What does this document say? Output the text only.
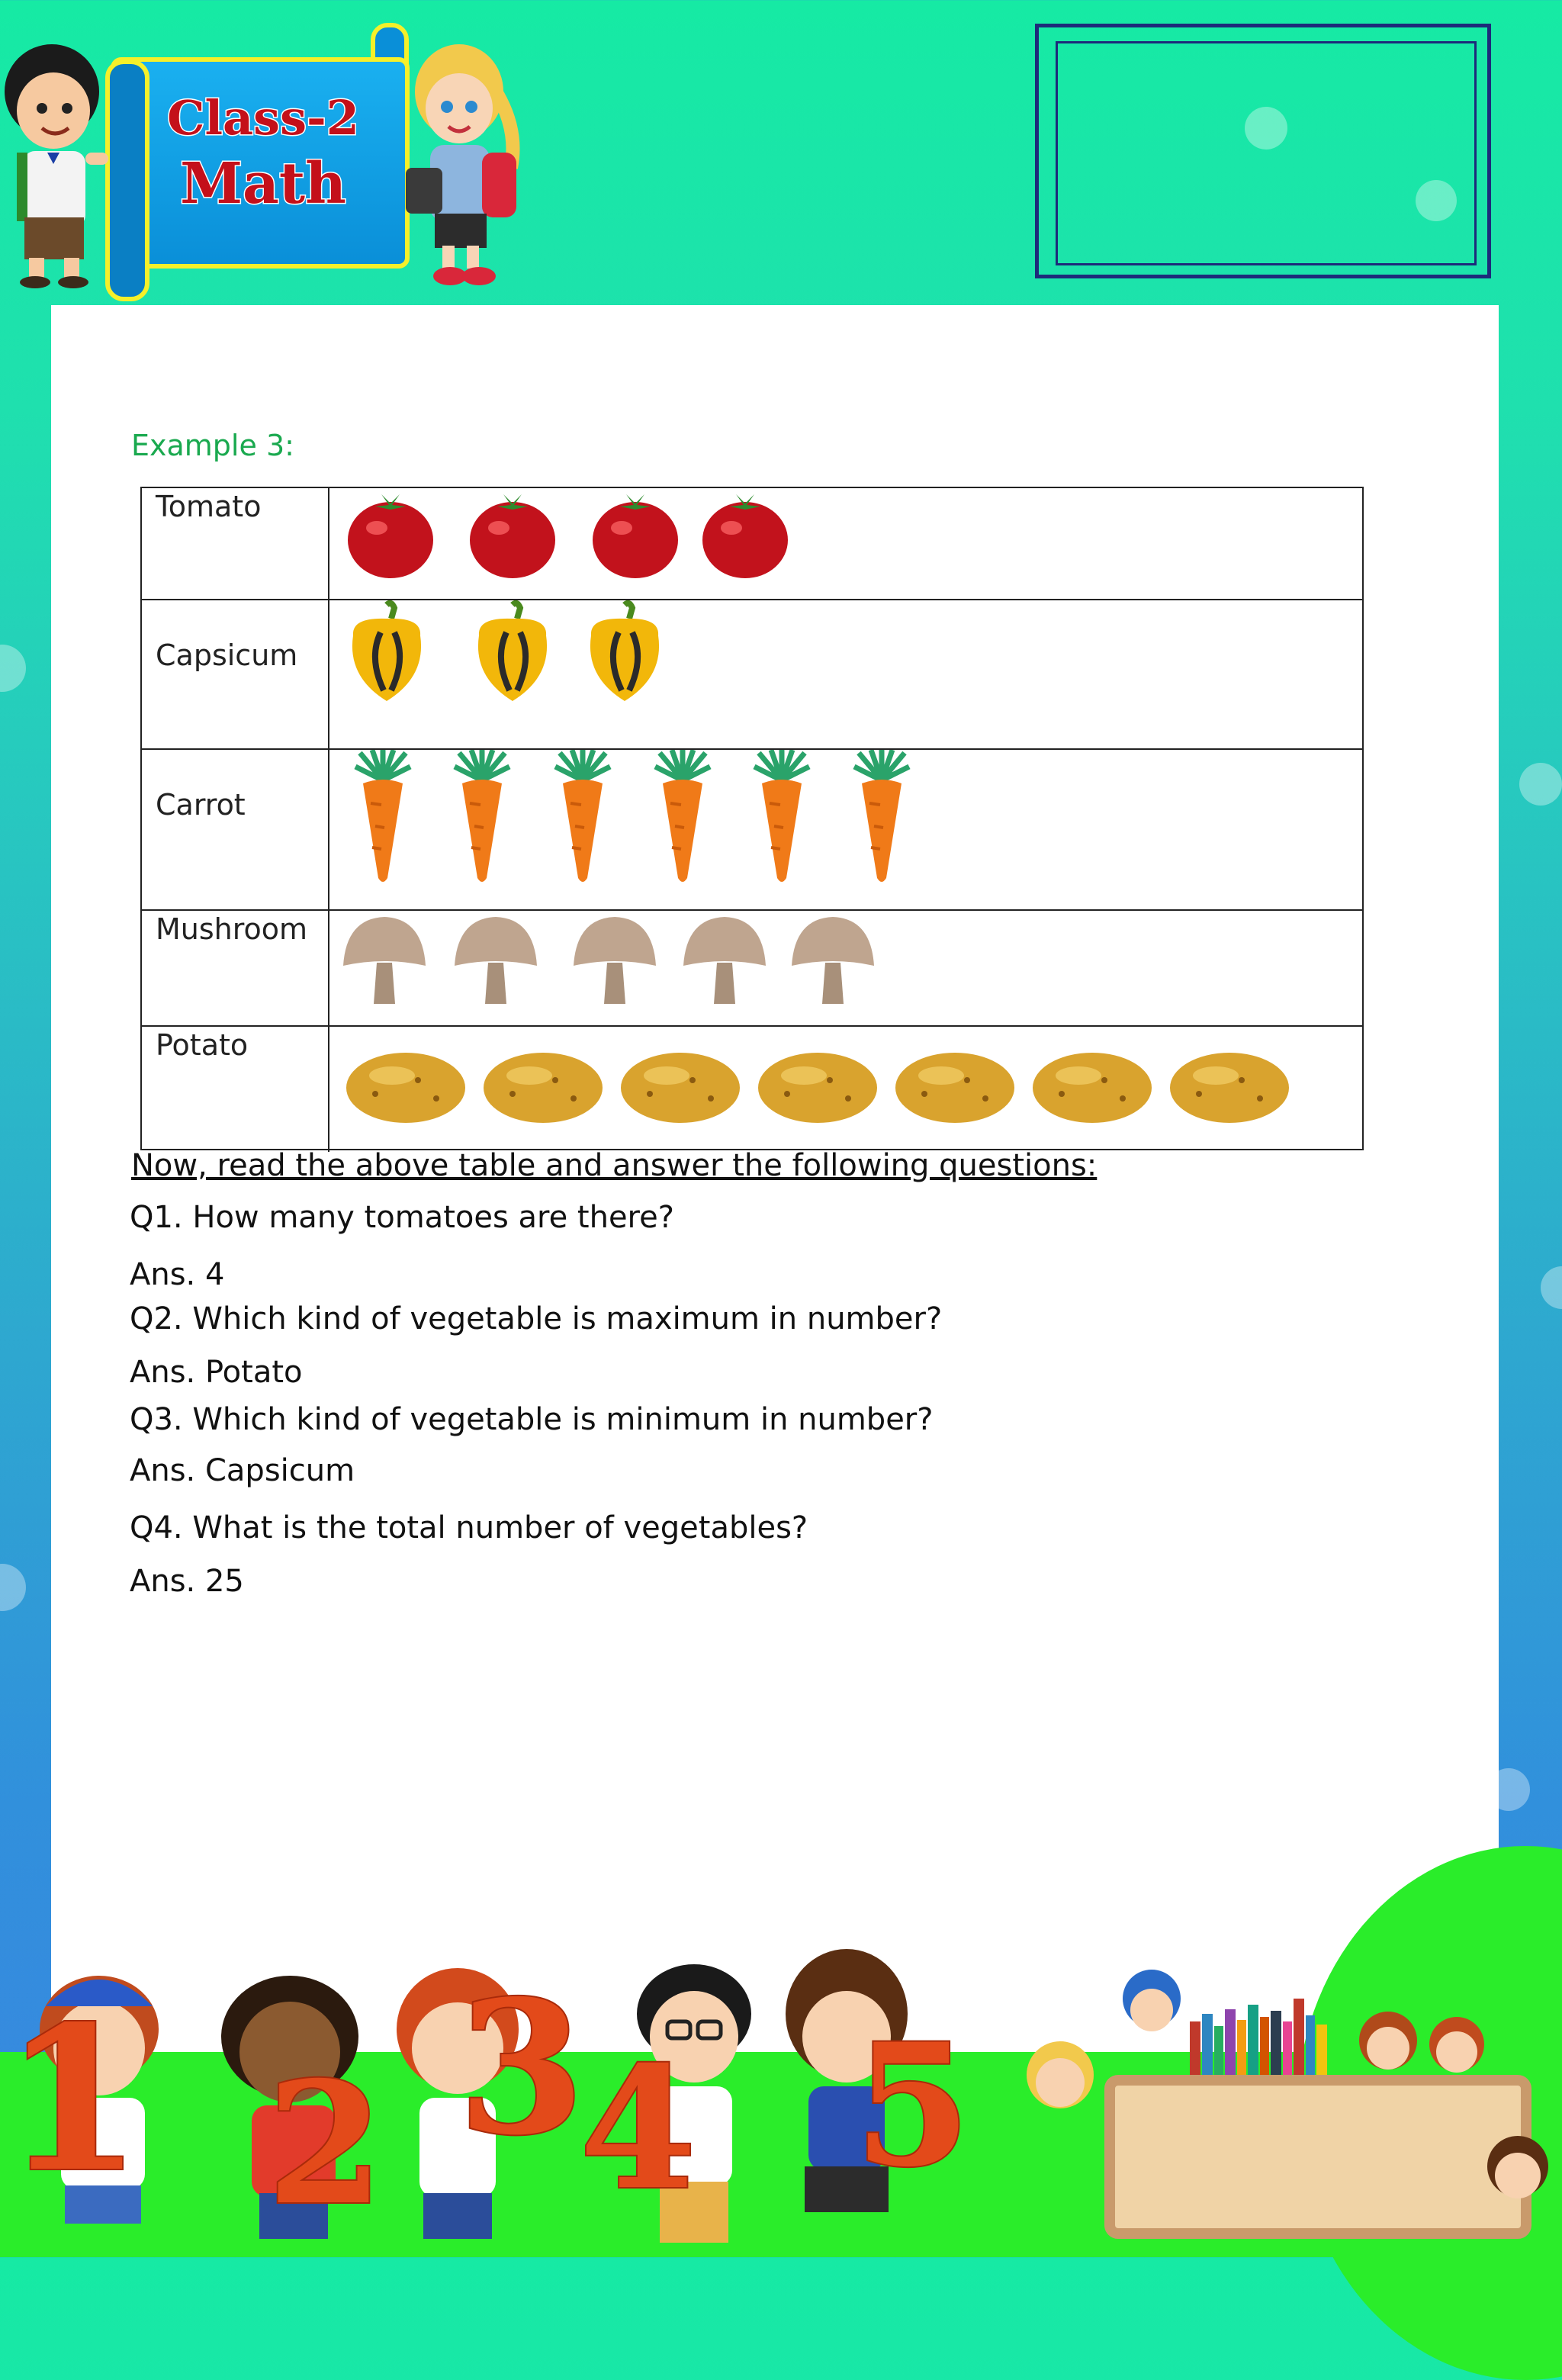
Class-2
Math
Example 3:
Tomato
Capsicum
Carrot
Mushroom
Potato
Now, read the above table and answer the following questions:
Q1. How many tomatoes are there?
Ans. 4
Q2. Which kind of vegetable is maximum in number?
Ans. Potato
Q3. Which kind of vegetable is minimum in number?
Ans. Capsicum
Q4. What is the total number of vegetables?
Ans. 25
1 2 3
4 5
